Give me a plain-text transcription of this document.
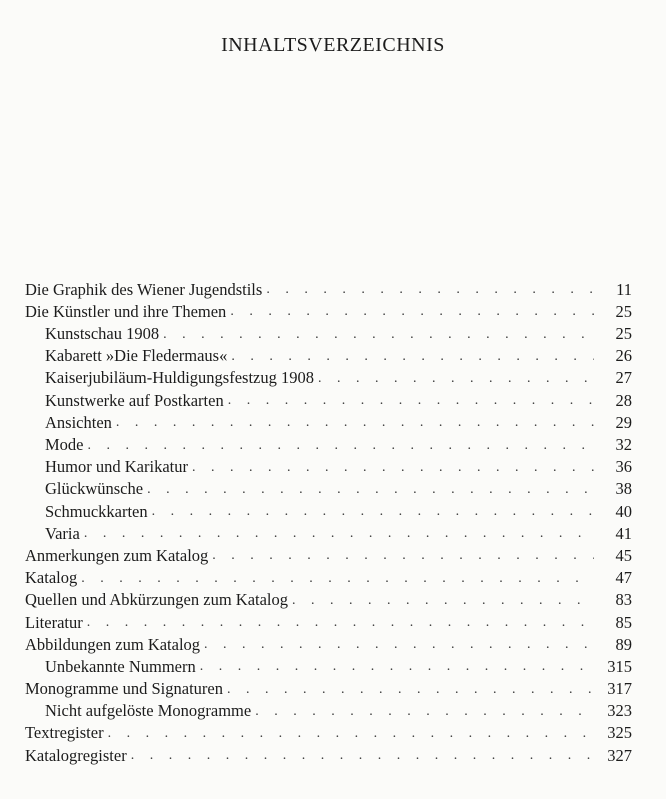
INHALTSVERZEICHNIS
Die Graphik des Wiener Jugendstils . . .	11
Die Künstler und ihre Themen . . .	25
Kunstschau 1908 . . .	25
Kabarett »Die Fledermaus« . . .	26
Kaiserjubiläum-Huldigungsfestzug 1908 . . .	27
Kunstwerke auf Postkarten . . .	28
Ansichten . . .	29
Mode . . .	32
Humor und Karikatur . . .	36
Glückwünsche . . .	38
Schmuckkarten . . .	40
Varia . . .	41
Anmerkungen zum Katalog . . .	45
Katalog . . .	47
Quellen und Abkürzungen zum Katalog . . .	83
Literatur . . .	85
Abbildungen zum Katalog . . .	89
Unbekannte Nummern . . .	315
Monogramme und Signaturen . . .	317
Nicht aufgelöste Monogramme . . .	323
Textregister . . .	325
Katalogregister . . .	327
